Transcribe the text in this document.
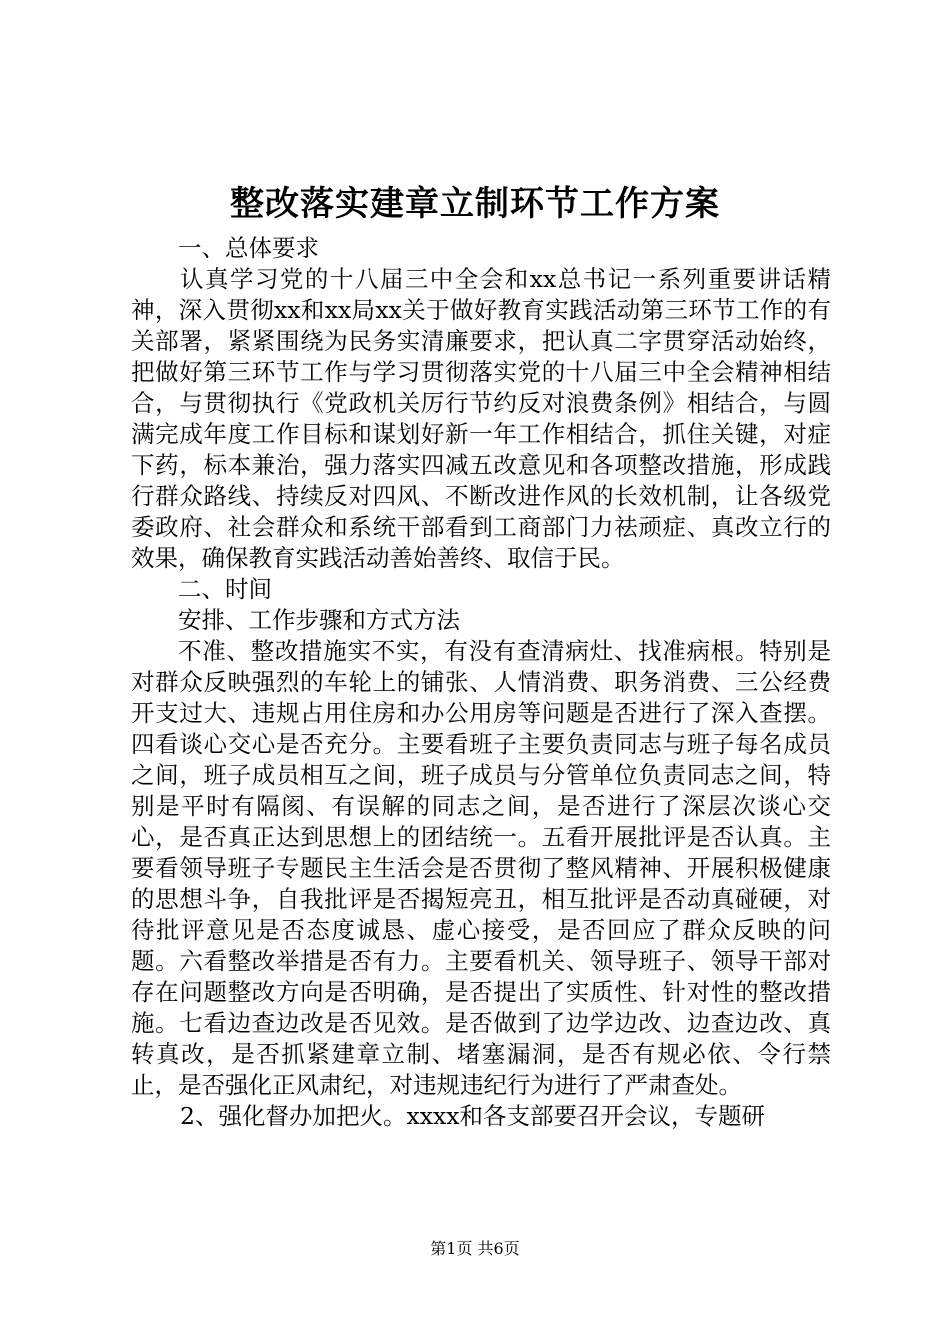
整改落实建章立制环节工作方案

一、总体要求

认真学习党的十八届三中全会和xx总书记一系列重要讲话精神，深入贯彻xx和xx局xx关于做好教育实践活动第三环节工作的有关部署，紧紧围绕为民务实清廉要求，把认真二字贯穿活动始终，把做好第三环节工作与学习贯彻落实党的十八届三中全会精神相结合，与贯彻执行《党政机关厉行节约反对浪费条例》相结合，与圆满完成年度工作目标和谋划好新一年工作相结合，抓住关键，对症下药，标本兼治，强力落实四减五改意见和各项整改措施，形成践行群众路线、持续反对四风、不断改进作风的长效机制，让各级党委政府、社会群众和系统干部看到工商部门力祛顽症、真改立行的效果，确保教育实践活动善始善终、取信于民。

二、时间

安排、工作步骤和方式方法

不准、整改措施实不实，有没有查清病灶、找准病根。特别是对群众反映强烈的车轮上的铺张、人情消费、职务消费、三公经费开支过大、违规占用住房和办公用房等问题是否进行了深入查摆。四看谈心交心是否充分。主要看班子主要负责同志与班子每名成员之间，班子成员相互之间，班子成员与分管单位负责同志之间，特别是平时有隔阂、有误解的同志之间，是否进行了深层次谈心交心，是否真正达到思想上的团结统一。五看开展批评是否认真。主要看领导班子专题民主生活会是否贯彻了整风精神、开展积极健康的思想斗争，自我批评是否揭短亮丑，相互批评是否动真碰硬，对待批评意见是否态度诚恳、虚心接受，是否回应了群众反映的问题。六看整改举措是否有力。主要看机关、领导班子、领导干部对存在问题整改方向是否明确，是否提出了实质性、针对性的整改措施。七看边查边改是否见效。是否做到了边学边改、边查边改、真转真改，是否抓紧建章立制、堵塞漏洞，是否有规必依、令行禁止，是否强化正风肃纪，对违规违纪行为进行了严肃查处。

2、强化督办加把火。xxxx和各支部要召开会议，专题研

第1页 共6页
